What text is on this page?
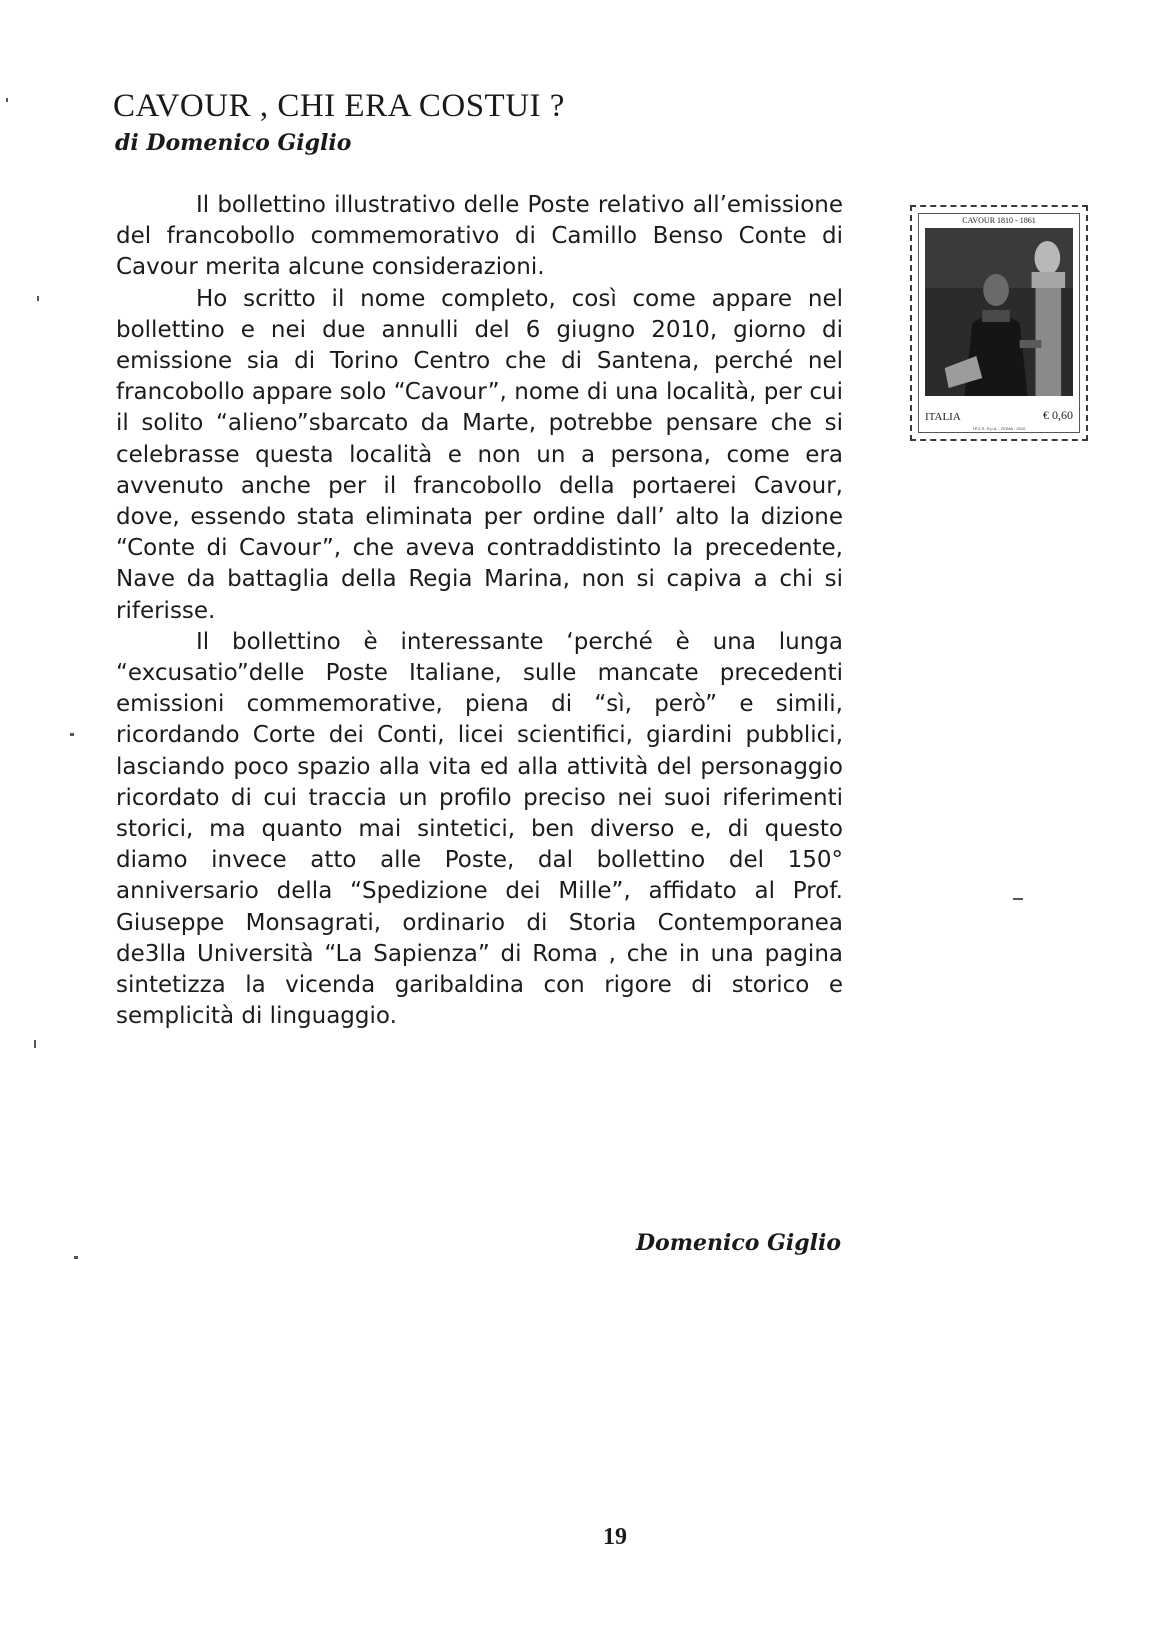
CAVOUR , CHI ERA COSTUI ?
di Domenico Giglio

Il bollettino illustrativo delle Poste relativo all’emissione del francobollo commemorativo di Camillo Benso Conte di Cavour merita alcune considerazioni.

Ho scritto il nome completo, così come appare nel bollettino e nei due annulli del 6 giugno 2010, giorno di emissione sia di Torino Centro che di Santena, perché nel francobollo appare solo “Cavour”, nome di una località, per cui il solito “alieno”sbarcato da Marte, potrebbe pensare che si celebrasse questa località e non un a persona, come era avvenuto anche per il francobollo della portaerei Cavour, dove, essendo stata eliminata per ordine dall’ alto la dizione “Conte di Cavour”, che aveva contraddistinto la precedente, Nave da battaglia della Regia Marina, non si capiva a chi si riferisse.

Il bollettino è interessante ‘perché è una lunga “excusatio”delle Poste Italiane, sulle mancate precedenti emissioni commemorative, piena di “sì, però” e simili, ricordando Corte dei Conti, licei scientifici, giardini pubblici, lasciando poco spazio alla vita ed alla attività del personaggio ricordato di cui traccia un profilo preciso nei suoi riferimenti storici, ma quanto mai sintetici, ben diverso e, di questo diamo invece atto alle Poste, dal bollettino del 150° anniversario della “Spedizione dei Mille”, affidato al Prof. Giuseppe Monsagrati, ordinario di Storia Contemporanea de3lla Università “La Sapienza” di Roma , che in una pagina sintetizza la vicenda garibaldina con rigore di storico e semplicità di linguaggio.

CAVOUR 1810 - 1861
ITALIA	€ 0,60
I.P.Z.S. S.p.A. - ROMA - 2010
Domenico Giglio
19
